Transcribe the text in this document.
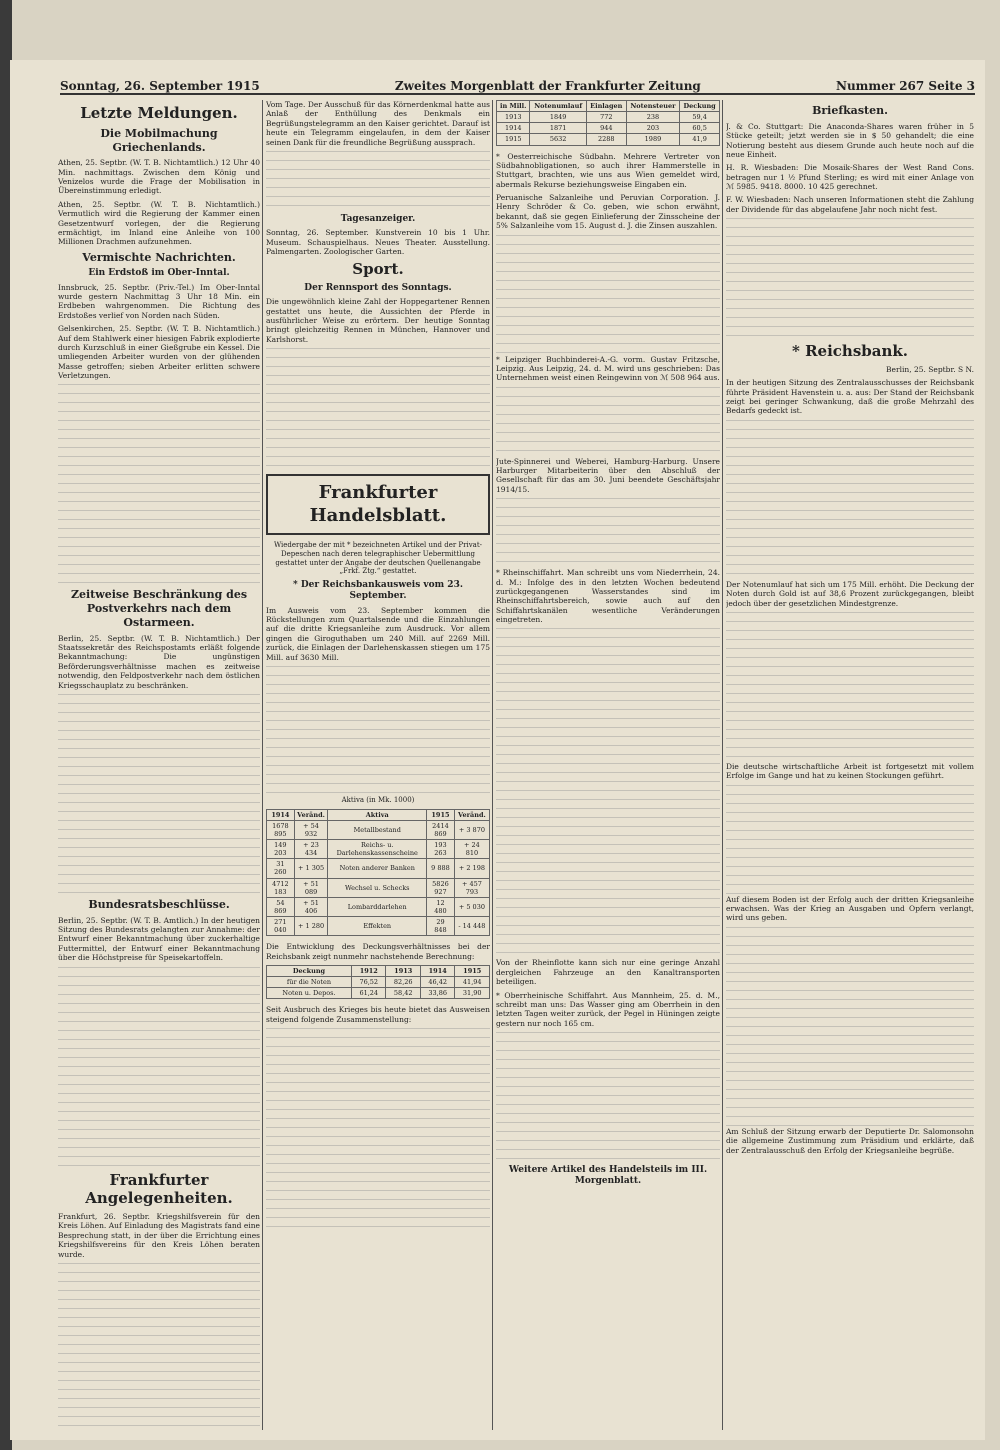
Sonntag, 26. September 1915	Zweites Morgenblatt der Frankfurter Zeitung	Nummer 267 Seite 3
Letzte Meldungen.
Die Mobilmachung Griechenlands.

Athen, 25. Septbr. (W. T. B. Nichtamtlich.) 12 Uhr 40 Min. nachmittags. Zwischen dem König und Venizelos wurde die Frage der Mobilisation in Übereinstimmung erledigt.

Athen, 25. Septbr. (W. T. B. Nichtamtlich.) Vermutlich wird die Regierung der Kammer einen Gesetzentwurf vorlegen, der die Regierung ermächtigt, im Inland eine Anleihe von 100 Millionen Drachmen aufzunehmen.

Vermischte Nachrichten.
Ein Erdstoß im Ober-Inntal.

Innsbruck, 25. Septbr. (Priv.-Tel.) Im Ober-Inntal wurde gestern Nachmittag 3 Uhr 18 Min. ein Erdbeben wahrgenommen. Die Richtung des Erdstoßes verlief von Norden nach Süden.

Gelsenkirchen, 25. Septbr. (W. T. B. Nichtamtlich.) Auf dem Stahlwerk einer hiesigen Fabrik explodierte durch Kurzschluß in einer Gießgrube ein Kessel. Die umliegenden Arbeiter wurden von der glühenden Masse getroffen; sieben Arbeiter erlitten schwere Verletzungen.

Zeitweise Beschränkung des Postverkehrs nach dem Ostarmeen.

Berlin, 25. Septbr. (W. T. B. Nichtamtlich.) Der Staatssekretär des Reichspostamts erläßt folgende Bekanntmachung: Die ungünstigen Beförderungsverhältnisse machen es zeitweise notwendig, den Feldpostverkehr nach dem östlichen Kriegsschauplatz zu beschränken.

Bundesratsbeschlüsse.

Berlin, 25. Septbr. (W. T. B. Amtlich.) In der heutigen Sitzung des Bundesrats gelangten zur Annahme: der Entwurf einer Bekanntmachung über zuckerhaltige Futtermittel, der Entwurf einer Bekanntmachung über die Höchstpreise für Speisekartoffeln.

Frankfurter Angelegenheiten.

Frankfurt, 26. Septbr. Kriegshilfsverein für den Kreis Löhen. Auf Einladung des Magistrats fand eine Besprechung statt, in der über die Errichtung eines Kriegshilfsvereins für den Kreis Löhen beraten wurde.

Vom Tage. Der Ausschuß für das Körnerdenkmal hatte aus Anlaß der Enthüllung des Denkmals ein Begrüßungstelegramm an den Kaiser gerichtet. Darauf ist heute ein Telegramm eingelaufen, in dem der Kaiser seinen Dank für die freundliche Begrüßung aussprach.

Tagesanzeiger.

Sonntag, 26. September. Kunstverein 10 bis 1 Uhr. Museum. Schauspielhaus. Neues Theater. Ausstellung. Palmengarten. Zoologischer Garten.

Sport.
Der Rennsport des Sonntags.

Die ungewöhnlich kleine Zahl der Hoppegartener Rennen gestattet uns heute, die Aussichten der Pferde in ausführlicher Weise zu erörtern. Der heutige Sonntag bringt gleichzeitig Rennen in München, Hannover und Karlshorst.

Frankfurter Handelsblatt.
Wiedergabe der mit * bezeichneten Artikel und der Privat-Depeschen nach deren telegraphischer Uebermittlung gestattet unter der Angabe der deutschen Quellenangabe „Frkf. Ztg.“ gestattet.
* Der Reichsbankausweis vom 23. September.

Im Ausweis vom 23. September kommen die Rückstellungen zum Quartalsende und die Einzahlungen auf die dritte Kriegsanleihe zum Ausdruck. Vor allem gingen die Giroguthaben um 240 Mill. auf 2269 Mill. zurück, die Einlagen der Darlehenskassen stiegen um 175 Mill. auf 3630 Mill.

Aktiva (in Mk. 1000)
1914	Veränd.	Aktiva	1915	Veränd.
1678 895	+ 54 932	Metallbestand	2414 869	+ 3 870
149 203	+ 23 434	Reichs- u. Darlehenskassenscheine	193 263	+ 24 810
31 260	+ 1 305	Noten anderer Banken	9 888	+ 2 198
4712 183	+ 51 089	Wechsel u. Schecks	5826 927	+ 457 793
54 869	+ 51 406	Lombarddarlehen	12 480	+ 5 030
271 040	+ 1 280	Effekten	29 848	- 14 448

Die Entwicklung des Deckungsverhältnisses bei der Reichsbank zeigt nunmehr nachstehende Berechnung:

Deckung	1912	1913	1914	1915
für die Noten	76,52	82,26	46,42	41,94
Noten u. Depos.	61,24	58,42	33,86	31,90

Seit Ausbruch des Krieges bis heute bietet das Ausweisen steigend folgende Zusammenstellung:

in Mill.	Notenumlauf	Einlagen	Notensteuer	Deckung
1913	1849	772	238	59,4
1914	1871	944	203	60,5
1915	5632	2288	1989	41,9

* Oesterreichische Südbahn. Mehrere Vertreter von Südbahnobligationen, so auch ihrer Hammerstelle in Stuttgart, brachten, wie uns aus Wien gemeldet wird, abermals Rekurse beziehungsweise Eingaben ein.

Peruanische Salzanleihe und Peruvian Corporation. J. Henry Schröder & Co. geben, wie schon erwähnt, bekannt, daß sie gegen Einlieferung der Zinsscheine der 5% Salzanleihe vom 15. August d. J. die Zinsen auszahlen.

* Leipziger Buchbinderei-A.-G. vorm. Gustav Fritzsche, Leipzig. Aus Leipzig, 24. d. M. wird uns geschrieben: Das Unternehmen weist einen Reingewinn von ℳ 508 964 aus.

Jute-Spinnerei und Weberei, Hamburg-Harburg. Unsere Harburger Mitarbeiterin über den Abschluß der Gesellschaft für das am 30. Juni beendete Geschäftsjahr 1914/15.

* Rheinschiffahrt. Man schreibt uns vom Niederrhein, 24. d. M.: Infolge des in den letzten Wochen bedeutend zurückgegangenen Wasserstandes sind im Rheinschiffahrtsbereich, sowie auch auf den Schiffahrtskanälen wesentliche Veränderungen eingetreten.

Von der Rheinflotte kann sich nur eine geringe Anzahl dergleichen Fahrzeuge an den Kanaltransporten beteiligen.

* Oberrheinische Schiffahrt. Aus Mannheim, 25. d. M., schreibt man uns: Das Wasser ging am Oberrhein in den letzten Tagen weiter zurück, der Pegel in Hüningen zeigte gestern nur noch 165 cm.

Weitere Artikel des Handelsteils im III. Morgenblatt.
Briefkasten.

J. & Co. Stuttgart: Die Anaconda-Shares waren früher in 5 Stücke geteilt; jetzt werden sie in $ 50 gehandelt; die eine Notierung besteht aus diesem Grunde auch heute noch auf die neue Einheit.

H. R. Wiesbaden: Die Mosaik-Shares der West Rand Cons. betragen nur 1 ½ Pfund Sterling; es wird mit einer Anlage von ℳ 5985. 9418. 8000. 10 425 gerechnet.

F. W. Wiesbaden: Nach unseren Informationen steht die Zahlung der Dividende für das abgelaufene Jahr noch nicht fest.

* Reichsbank.

Berlin, 25. Septbr. S N.

In der heutigen Sitzung des Zentralausschusses der Reichsbank führte Präsident Havenstein u. a. aus: Der Stand der Reichsbank zeigt bei geringer Schwankung, daß die große Mehrzahl des Bedarfs gedeckt ist.

Der Notenumlauf hat sich um 175 Mill. erhöht. Die Deckung der Noten durch Gold ist auf 38,6 Prozent zurückgegangen, bleibt jedoch über der gesetzlichen Mindestgrenze.

Die deutsche wirtschaftliche Arbeit ist fortgesetzt mit vollem Erfolge im Gange und hat zu keinen Stockungen geführt.

Auf diesem Boden ist der Erfolg auch der dritten Kriegsanleihe erwachsen. Was der Krieg an Ausgaben und Opfern verlangt, wird uns geben.

Am Schluß der Sitzung erwarb der Deputierte Dr. Salomonsohn die allgemeine Zustimmung zum Präsidium und erklärte, daß der Zentralausschuß den Erfolg der Kriegsanleihe begrüße.
